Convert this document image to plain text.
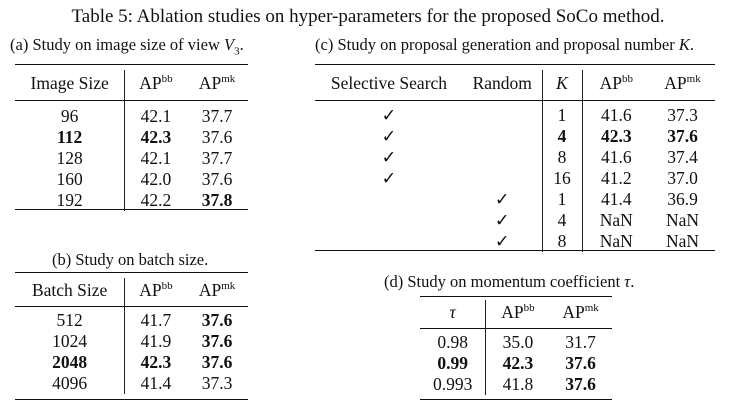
Table 5: Ablation studies on hyper-parameters for the proposed SoCo method.
(a) Study on image size of view $V_3$.
Image Size	$AP^{bb}$	$AP^{mk}$

96	42.1	37.7
112	42.3	37.6
128	42.1	37.7
160	42.0	37.6
192	42.2	37.8
(b) Study on batch size.
Batch Size	$AP^{bb}$	$AP^{mk}$

512	41.7	37.6
1024	41.9	37.6
2048	42.3	37.6
4096	41.4	37.3
(c) Study on proposal generation and proposal number K.
Selective Search	Random	K	$AP^{bb}$	$AP^{mk}$

✓		1	41.6	37.3
✓		4	42.3	37.6
✓		8	41.6	37.4
✓		16	41.2	37.0
	✓	1	41.4	36.9
	✓	4	NaN	NaN
	✓	8	NaN	NaN
(d) Study on momentum coefficient τ.
τ	$AP^{bb}$	$AP^{mk}$

0.98	35.0	31.7
0.99	42.3	37.6
0.993	41.8	37.6
